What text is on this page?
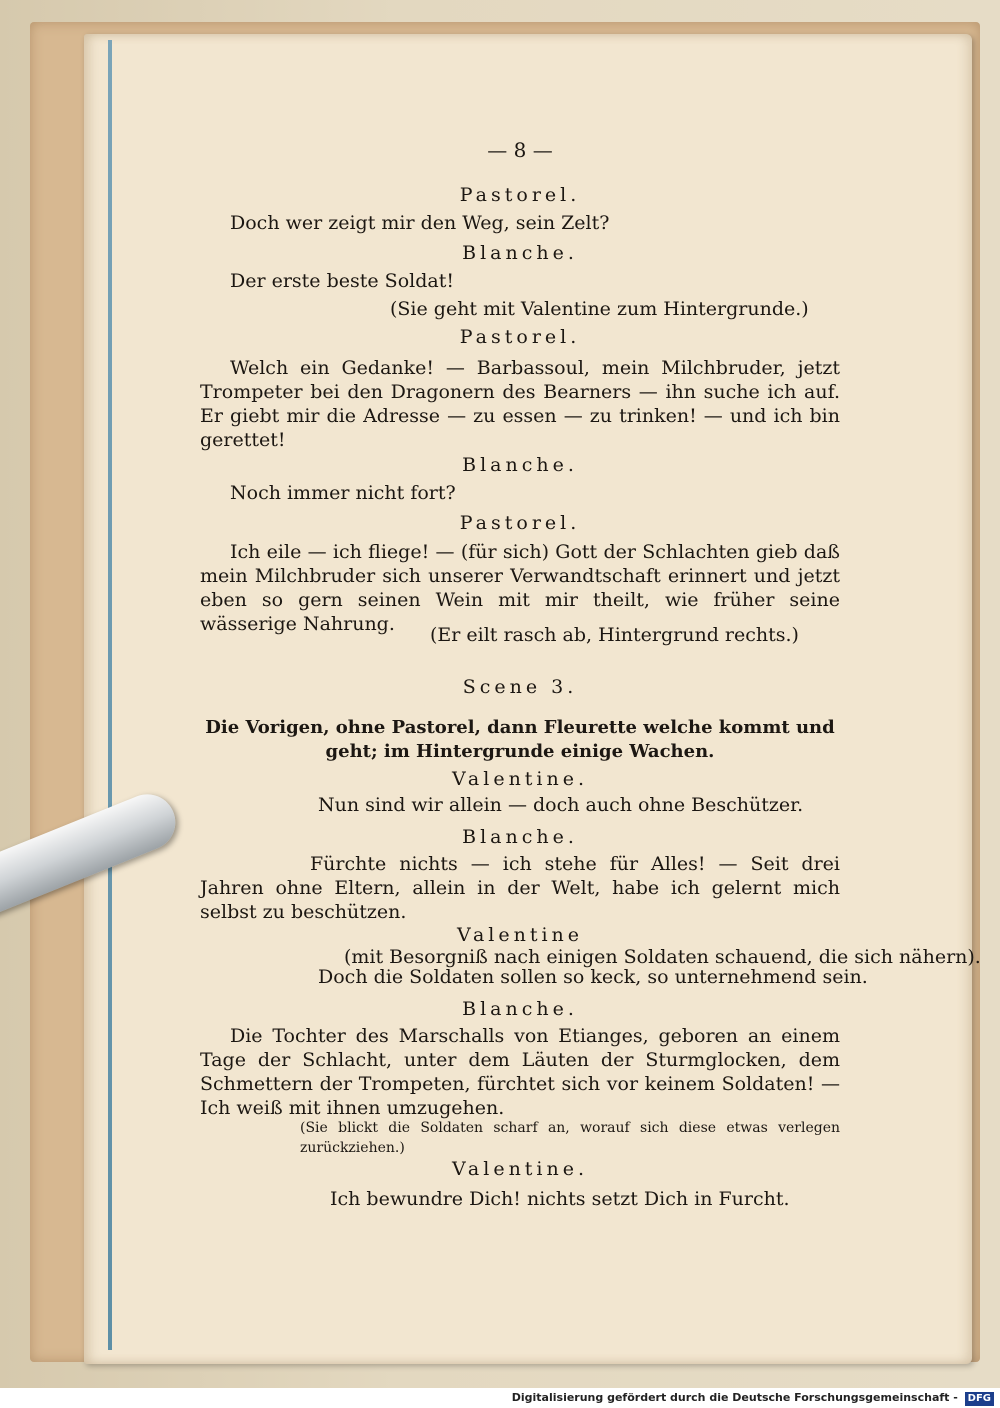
— 8 —
Pastorel.
Doch wer zeigt mir den Weg, sein Zelt?
Blanche.
Der erste beste Soldat!
(Sie geht mit Valentine zum Hintergrunde.)
Pastorel.
Welch ein Gedanke! — Barbassoul, mein Milchbruder, jetzt Trompeter bei den Dragonern des Bearners — ihn suche ich auf. Er giebt mir die Adresse — zu essen — zu trinken! — und ich bin gerettet!
Blanche.
Noch immer nicht fort?
Pastorel.
Ich eile — ich fliege! — (für sich) Gott der Schlachten gieb daß mein Milchbruder sich unserer Verwandtschaft erinnert und jetzt eben so gern seinen Wein mit mir theilt, wie früher seine wässerige Nahrung.	(Er eilt rasch ab, Hintergrund rechts.)
Scene 3.
Die Vorigen, ohne Pastorel, dann Fleurette welche kommt und geht; im Hintergrunde einige Wachen.
Valentine.
Nun sind wir allein — doch auch ohne Beschützer.
Blanche.
Fürchte nichts — ich stehe für Alles! — Seit drei Jahren ohne Eltern, allein in der Welt, habe ich gelernt mich selbst zu beschützen.
Valentine
(mit Besorgniß nach einigen Soldaten schauend, die sich nähern).
Doch die Soldaten sollen so keck, so unternehmend sein.
Blanche.
Die Tochter des Marschalls von Etianges, geboren an einem Tage der Schlacht, unter dem Läuten der Sturmglocken, dem Schmettern der Trompeten, fürchtet sich vor keinem Soldaten! — Ich weiß mit ihnen umzugehen.
(Sie blickt die Soldaten scharf an, worauf sich diese etwas verlegen zurückziehen.)
Valentine.
Ich bewundre Dich! nichts setzt Dich in Furcht.
Digitalisierung gefördert durch die Deutsche Forschungsgemeinschaft - DFG
